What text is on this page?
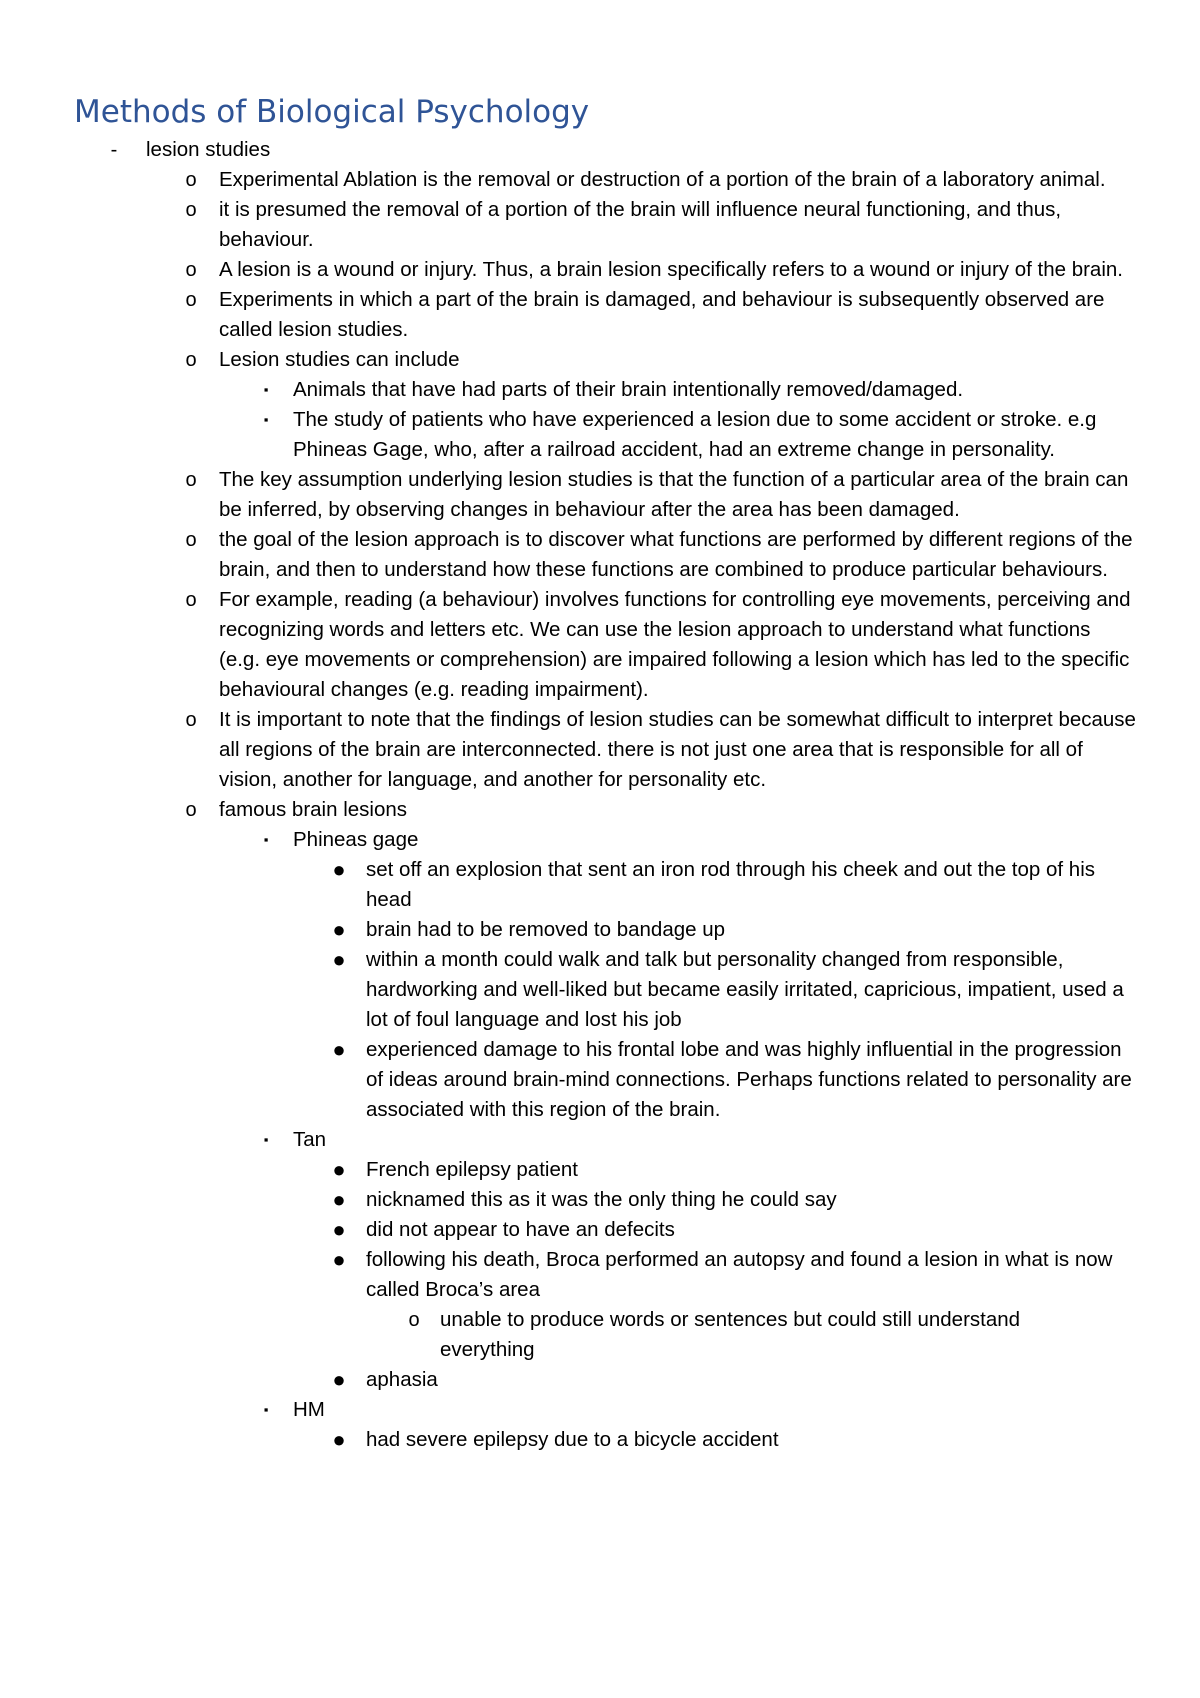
Methods of Biological Psychology
-	lesion studies
o Experimental Ablation is the removal or destruction of a portion of the brain of a laboratory animal.
o it is presumed the removal of a portion of the brain will influence neural functioning, and thus, behaviour.
o A lesion is a wound or injury. Thus, a brain lesion specifically refers to a wound or injury of the brain.
o Experiments in which a part of the brain is damaged, and behaviour is subsequently observed are called lesion studies.
o Lesion studies can include
▪	Animals that have had parts of their brain intentionally removed/damaged.
▪	The study of patients who have experienced a lesion due to some accident or stroke. e.g Phineas Gage, who, after a railroad accident, had an extreme change in personality.
o The key assumption underlying lesion studies is that the function of a particular area of the brain can be inferred, by observing changes in behaviour after the area has been damaged.
o the goal of the lesion approach is to discover what functions are performed by different regions of the brain, and then to understand how these functions are combined to produce particular behaviours.
o For example, reading (a behaviour) involves functions for controlling eye movements, perceiving and recognizing words and letters etc. We can use the lesion approach to understand what functions (e.g. eye movements or comprehension) are impaired following a lesion which has led to the specific behavioural changes (e.g. reading impairment).
o It is important to note that the findings of lesion studies can be somewhat difficult to interpret because all regions of the brain are interconnected. there is not just one area that is responsible for all of vision, another for language, and another for personality etc.
o famous brain lesions
▪	Phineas gage
● set off an explosion that sent an iron rod through his cheek and out the top of his head
● brain had to be removed to bandage up
● within a month could walk and talk but personality changed from responsible, hardworking and well-liked but became easily irritated, capricious, impatient, used a lot of foul language and lost his job
● experienced damage to his frontal lobe and was highly influential in the progression of ideas around brain-mind connections. Perhaps functions related to personality are associated with this region of the brain.
▪	Tan
● French epilepsy patient
● nicknamed this as it was the only thing he could say
● did not appear to have an defecits
● following his death, Broca performed an autopsy and found a lesion in what is now called Broca’s area
o unable to produce words or sentences but could still understand everything
● aphasia
▪	HM
● had severe epilepsy due to a bicycle accident
